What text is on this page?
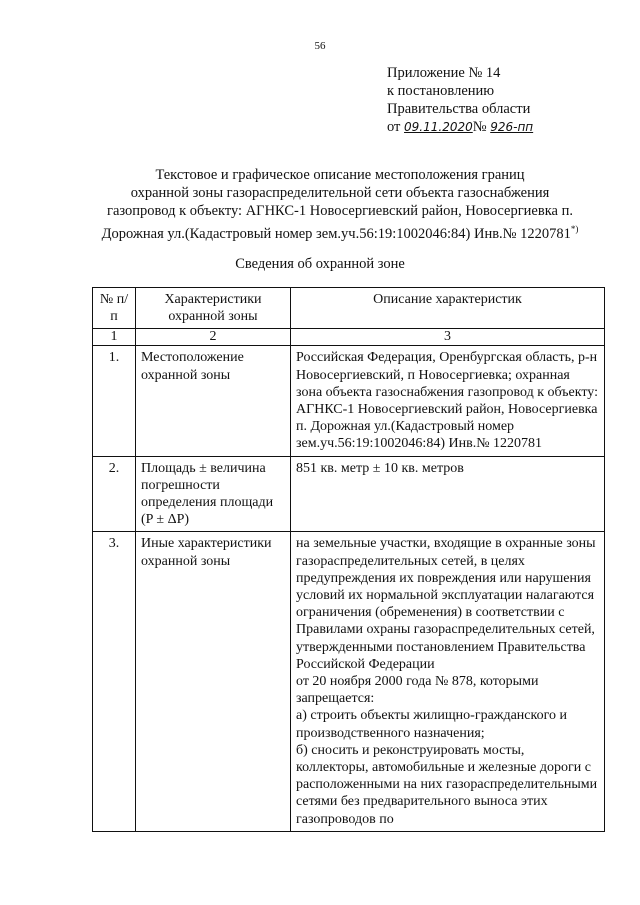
56
Приложение № 14
к постановлению
Правительства области
от 09.11.2020№ 926-пп
Текстовое и графическое описание местоположения границ
охранной зоны газораспределительной сети объекта газоснабжения
газопровод к объекту: АГНКС-1 Новосергиевский район, Новосергиевка п.
Дорожная ул.(Кадастровый номер зем.уч.56:19:1002046:84) Инв.№ 1220781*)
Сведения об охранной зоне
№ п/п	Характеристики охранной зоны	Описание характеристик
1	2	3
1.	Местоположение охранной зоны	Российская Федерация, Оренбургская область, р-н Новосергиевский, п Новосергиевка; охранная зона объекта газоснабжения газопровод к объекту: АГНКС-1 Новосергиевский район, Новосергиевка п. Дорожная ул.(Кадастровый номер зем.уч.56:19:1002046:84) Инв.№ 1220781

2.	Площадь ± величина погрешности определения площади (P ± ΔP)	851 кв. метр ± 10 кв. метров

3.	Иные характеристики охранной зоны	на земельные участки, входящие в охранные зоны газораспределительных сетей, в целях предупреждения их повреждения или нарушения условий их нормальной эксплуатации налагаются ограничения (обременения) в соответствии с Правилами охраны газораспределительных сетей, утвержденными постановлением Правительства Российской Федерации
от 20 ноября 2000 года № 878, которыми запрещается:
а) строить объекты жилищно-гражданского и производственного назначения;
б) сносить и реконструировать мосты, коллекторы, автомобильные и железные дороги с расположенными на них газораспределительными сетями без предварительного выноса этих газопроводов по
